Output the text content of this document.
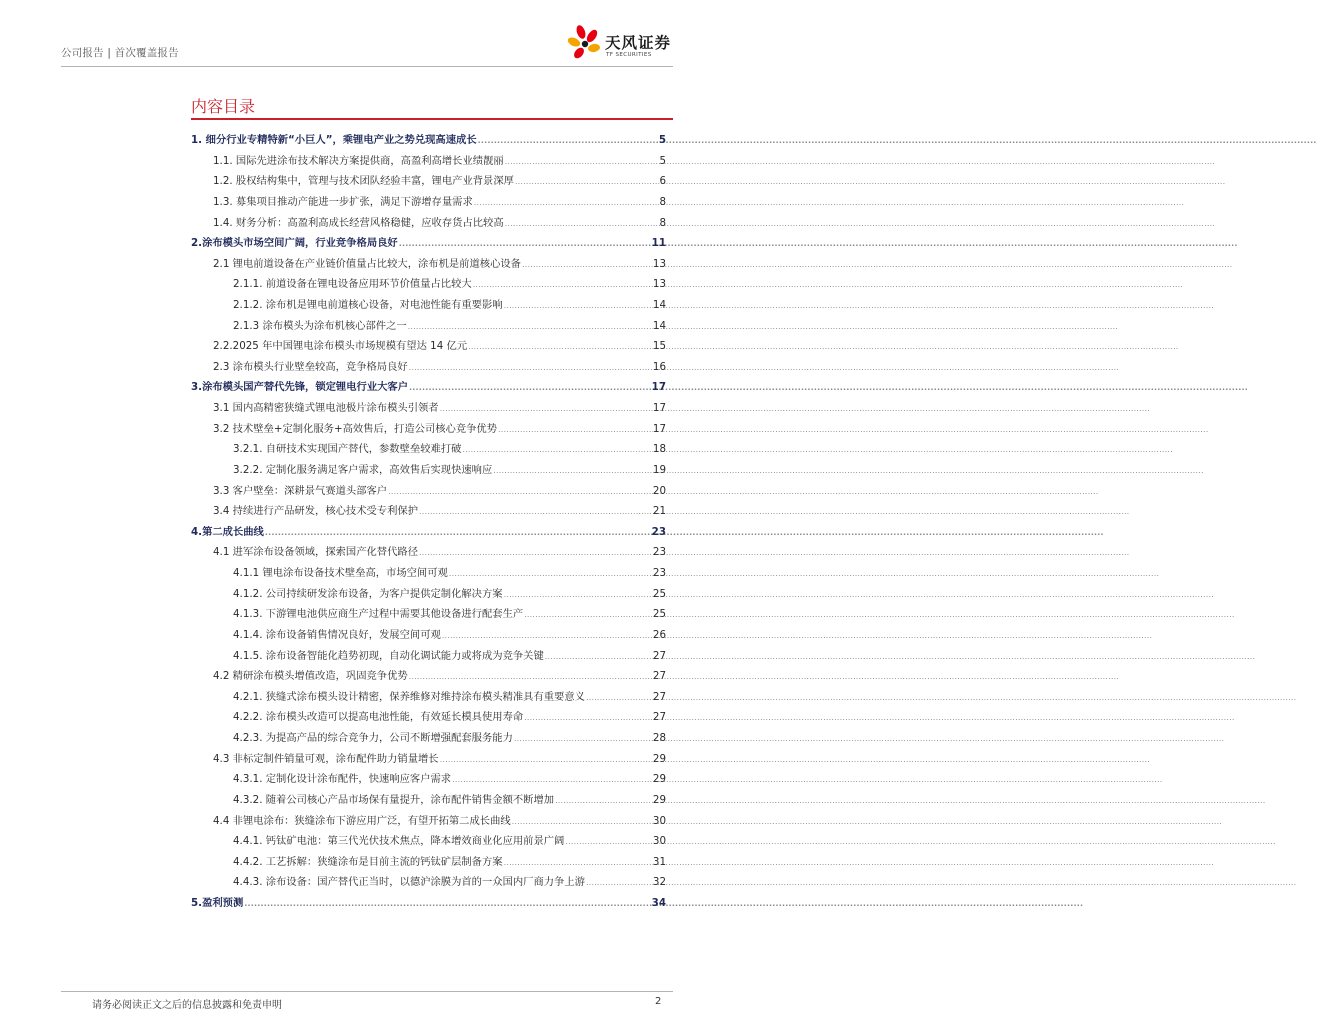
公司报告 | 首次覆盖报告
天风证券
TF SECURITIES
内容目录
1. 细分行业专精特新“小巨人”，乘锂电产业之势兑现高速成长 .....	5
1.1. 国际先进涂布技术解决方案提供商，高盈利高增长业绩靓丽 .....	5
1.2. 股权结构集中，管理与技术团队经验丰富，锂电产业背景深厚 .....	6
1.3. 募集项目推动产能进一步扩张，满足下游增存量需求 .....	8
1.4. 财务分析：高盈利高成长经营风格稳健，应收存货占比较高 .....	8
2.涂布模头市场空间广阔，行业竞争格局良好 .....	11
2.1 锂电前道设备在产业链价值量占比较大，涂布机是前道核心设备 .....	13
2.1.1. 前道设备在锂电设备应用环节价值量占比较大 .....	13
2.1.2. 涂布机是锂电前道核心设备，对电池性能有重要影响 .....	14
2.1.3 涂布模头为涂布机核心部件之一 .....	14
2.2.2025 年中国锂电涂布模头市场规模有望达 14 亿元 .....	15
2.3 涂布模头行业壁垒较高，竞争格局良好 .....	16
3.涂布模头国产替代先锋，锁定锂电行业大客户 .....	17
3.1 国内高精密狭缝式锂电池极片涂布模头引领者 .....	17
3.2 技术壁垒+定制化服务+高效售后，打造公司核心竞争优势 .....	17
3.2.1. 自研技术实现国产替代，参数壁垒较难打破 .....	18
3.2.2. 定制化服务满足客户需求，高效售后实现快速响应 .....	19
3.3 客户壁垒：深耕景气赛道头部客户 .....	20
3.4 持续进行产品研发，核心技术受专利保护 .....	21
4.第二成长曲线 .....	23
4.1 进军涂布设备领域，探索国产化替代路径 .....	23
4.1.1 锂电涂布设备技术壁垒高，市场空间可观 .....	23
4.1.2. 公司持续研发涂布设备，为客户提供定制化解决方案 .....	25
4.1.3. 下游锂电池供应商生产过程中需要其他设备进行配套生产 .....	25
4.1.4. 涂布设备销售情况良好，发展空间可观 .....	26
4.1.5. 涂布设备智能化趋势初现，自动化调试能力或将成为竞争关键 .....	27
4.2 精研涂布模头增值改造，巩固竞争优势 .....	27
4.2.1. 狭缝式涂布模头设计精密，保养维修对维持涂布模头精准具有重要意义 .....	27
4.2.2. 涂布模头改造可以提高电池性能，有效延长模具使用寿命 .....	27
4.2.3. 为提高产品的综合竞争力，公司不断增强配套服务能力 .....	28
4.3 非标定制件销量可观，涂布配件助力销量增长 .....	29
4.3.1. 定制化设计涂布配件，快速响应客户需求 .....	29
4.3.2. 随着公司核心产品市场保有量提升，涂布配件销售金额不断增加 .....	29
4.4 非锂电涂布：狭缝涂布下游应用广泛，有望开拓第二成长曲线 .....	30
4.4.1. 钙钛矿电池：第三代光伏技术焦点，降本增效商业化应用前景广阔 .....	30
4.4.2. 工艺拆解：狭缝涂布是目前主流的钙钛矿层制备方案 .....	31
4.4.3. 涂布设备：国产替代正当时，以德沪涂膜为首的一众国内厂商力争上游 .....	32
5.盈利预测 .....	34
请务必阅读正文之后的信息披露和免责申明	2
